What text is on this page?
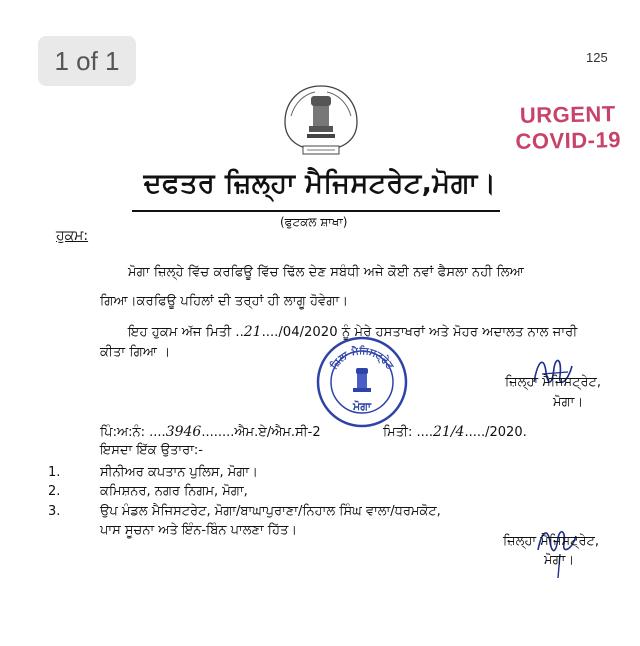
1 of 1	125
URGENT
COVID-19
ਦਫਤਰ ਜ਼ਿਲ੍ਹਾ ਮੈਜਿਸਟਰੇਟ,ਮੋਗਾ।
(ਫੁਟਕਲ ਸ਼ਾਖਾ)
ਹੁਕਮ:
ਮੋਗਾ ਜ਼ਿਲ੍ਹੇ ਵਿੱਚ ਕਰਫਿਊ ਵਿੱਚ ਢਿੱਲ ਦੇਣ ਸਬੰਧੀ ਅਜੇ ਕੋਈ ਨਵਾਂ ਫੈਸਲਾ ਨਹੀ ਲਿਆ
ਗਿਆ।ਕਰਫਿਊ ਪਹਿਲਾਂ ਦੀ ਤਰ੍ਹਾਂ ਹੀ ਲਾਗੂ ਹੋਵੇਗਾ।
ਇਹ ਹੁਕਮ ਅੱਜ ਮਿਤੀ ..21..../04/2020 ਨੂੰ ਮੇਰੇ ਹਸਤਾਖਰਾਂ ਅਤੇ ਮੋਹਰ ਅਦਾਲਤ ਨਾਲ ਜਾਰੀ
ਕੀਤਾ ਗਿਆ ।
ਜ਼ਿਲਾ ਮੈਜਿਸਟ੍ਰੇਟ
ਮੋਗਾ
ਜ਼ਿਲ੍ਹਾ ਮੈਜਿਸਟ੍ਰੇਟ,
ਮੋਗਾ।
ਪਿੰ:ਅ:ਨੰ: ....3946........ਐਮ.ਏ/ਐਮ.ਸੀ-2	ਮਿਤੀ: ....21/4...../2020.
ਇਸਦਾ ਇੱਕ ਉਤਾਰਾ:-
1.	ਸੀਨੀਅਰ ਕਪਤਾਨ ਪੁਲਿਸ, ਮੋਗਾ।
2.	ਕਮਿਸ਼ਨਰ, ਨਗਰ ਨਿਗਮ, ਮੋਗਾ,
3.	ਉਪ ਮੰਡਲ ਮੈਜਿਸਟਰੇਟ, ਮੋਗਾ/ਬਾਘਾਪੁਰਾਣਾ/ਨਿਹਾਲ ਸਿੰਘ ਵਾਲਾ/ਧਰਮਕੋਟ,
ਪਾਸ ਸੂਚਨਾ ਅਤੇ ਇੰਨ-ਬਿੰਨ ਪਾਲਣਾ ਹਿੱਤ।
ਜ਼ਿਲ੍ਹਾ ਮੈਜਿਸਟ੍ਰੇਟ,
ਮੋਗਾ।
